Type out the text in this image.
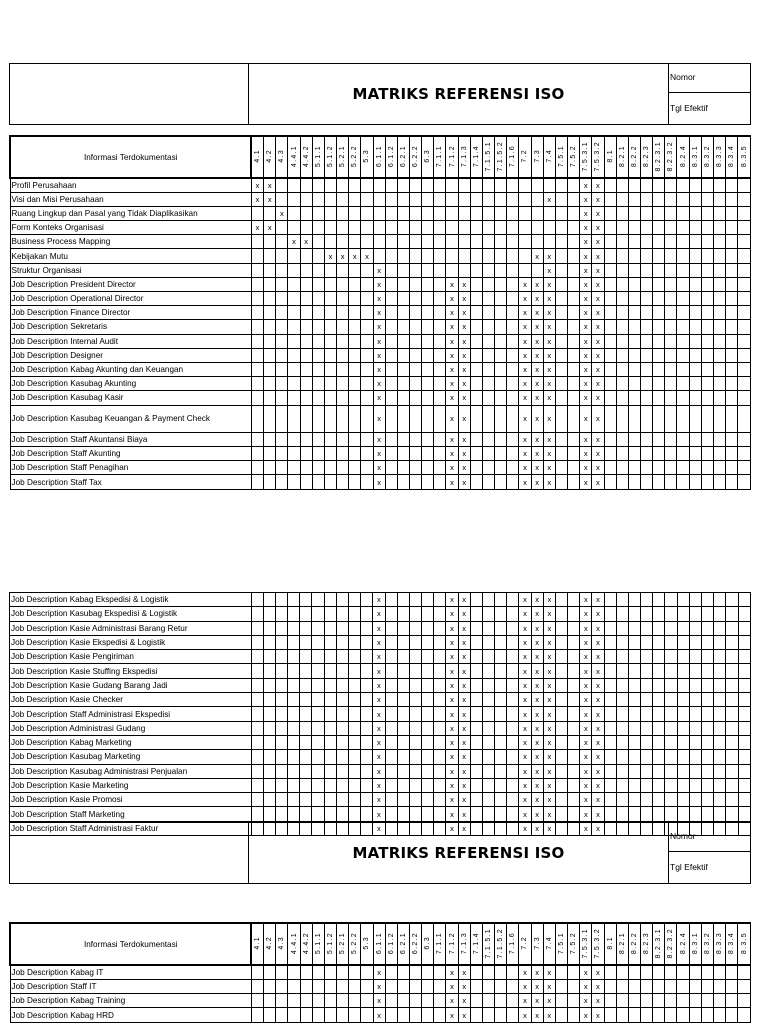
MATRIKS REFERENSI ISO
Nomor
Tgl Efektif
Informasi Terdokumentasi	4.1	4.2	4.3	4.4.1	4.4.2	5.1.1	5.1.2	5.2.1	5.2.2	5.3	6.1.1	6.1.2	6.2.1	6.2.2	6.3	7.1.1	7.1.2	7.1.3	7.1.4	7.1.5.1	7.1.5.2	7.1.6	7.2	7.3	7.4	7.5.1	7.5.2	7.5.3.1	7.5.3.2	8.1	8.2.1	8.2.2	8.2.3	8.2.3.1	8.2.3.2	8.2.4	8.3.1	8.3.2	8.3.3	8.3.4	8.3.5
Profil Perusahaan	x	x																										x	x												
Visi dan Misi Perusahaan	x	x																							x			x	x												
Ruang Lingkup dan Pasal yang Tidak Diaplikasikan			x																									x	x												
Form Konteks Organisasi	x	x																										x	x												
Business Process Mapping				x	x																							x	x												
Kebijakan Mutu							x	x	x	x														x	x			x	x												
Struktur Organisasi											x														x			x	x												
Job Description President Director											x						x	x					x	x	x			x	x												
Job Description Operational Director											x						x	x					x	x	x			x	x												
Job Description Finance Director											x						x	x					x	x	x			x	x												
Job Description Sekretaris											x						x	x					x	x	x			x	x												
Job Description Internal Audit											x						x	x					x	x	x			x	x												
Job Description Designer											x						x	x					x	x	x			x	x												
Job Description Kabag Akunting dan Keuangan											x						x	x					x	x	x			x	x												
Job Description Kasubag Akunting											x						x	x					x	x	x			x	x												
Job Description Kasubag Kasir											x						x	x					x	x	x			x	x												
Job Description Kasubag Keuangan & Payment Check											x						x	x					x	x	x			x	x												
Job Description Staff Akuntansi Biaya											x						x	x					x	x	x			x	x												
Job Description Staff Akunting											x						x	x					x	x	x			x	x												
Job Description Staff Penagihan											x						x	x					x	x	x			x	x												
Job Description Staff Tax											x						x	x					x	x	x			x	x												
Job Description Kabag Ekspedisi & Logistik											x						x	x					x	x	x			x	x												
Job Description Kasubag Ekspedisi & Logistik											x						x	x					x	x	x			x	x												
Job Description Kasie Administrasi Barang Retur											x						x	x					x	x	x			x	x												
Job Description Kasie Ekspedisi & Logistik											x						x	x					x	x	x			x	x												
Job Description Kasie Pengiriman											x						x	x					x	x	x			x	x												
Job Description Kasie Stuffing Ekspedisi											x						x	x					x	x	x			x	x												
Job Description Kasie Gudang Barang Jadi											x						x	x					x	x	x			x	x												
Job Description Kasie Checker											x						x	x					x	x	x			x	x												
Job Description Staff Administrasi Ekspedisi											x						x	x					x	x	x			x	x												
Job Description Administrasi Gudang											x						x	x					x	x	x			x	x												
Job Description Kabag Marketing											x						x	x					x	x	x			x	x												
Job Description Kasubag Marketing											x						x	x					x	x	x			x	x												
Job Description Kasubag Administrasi Penjualan											x						x	x					x	x	x			x	x												
Job Description Kasie Marketing											x						x	x					x	x	x			x	x												
Job Description Kasie Promosi											x						x	x					x	x	x			x	x												
Job Description Staff Marketing											x						x	x					x	x	x			x	x												
Job Description Staff Administrasi Faktur											x						x	x					x	x	x			x	x												
MATRIKS REFERENSI ISO
Nomor
Tgl Efektif
Informasi Terdokumentasi	4.1	4.2	4.3	4.4.1	4.4.2	5.1.1	5.1.2	5.2.1	5.2.2	5.3	6.1.1	6.1.2	6.2.1	6.2.2	6.3	7.1.1	7.1.2	7.1.3	7.1.4	7.1.5.1	7.1.5.2	7.1.6	7.2	7.3	7.4	7.5.1	7.5.2	7.5.3.1	7.5.3.2	8.1	8.2.1	8.2.2	8.2.3	8.2.3.1	8.2.3.2	8.2.4	8.3.1	8.3.2	8.3.3	8.3.4	8.3.5
Job Description Kabag IT											x						x	x					x	x	x			x	x												
Job Description Staff IT											x						x	x					x	x	x			x	x												
Job Description Kabag Training											x						x	x					x	x	x			x	x												
Job Description Kabag HRD											x						x	x					x	x	x			x	x												
